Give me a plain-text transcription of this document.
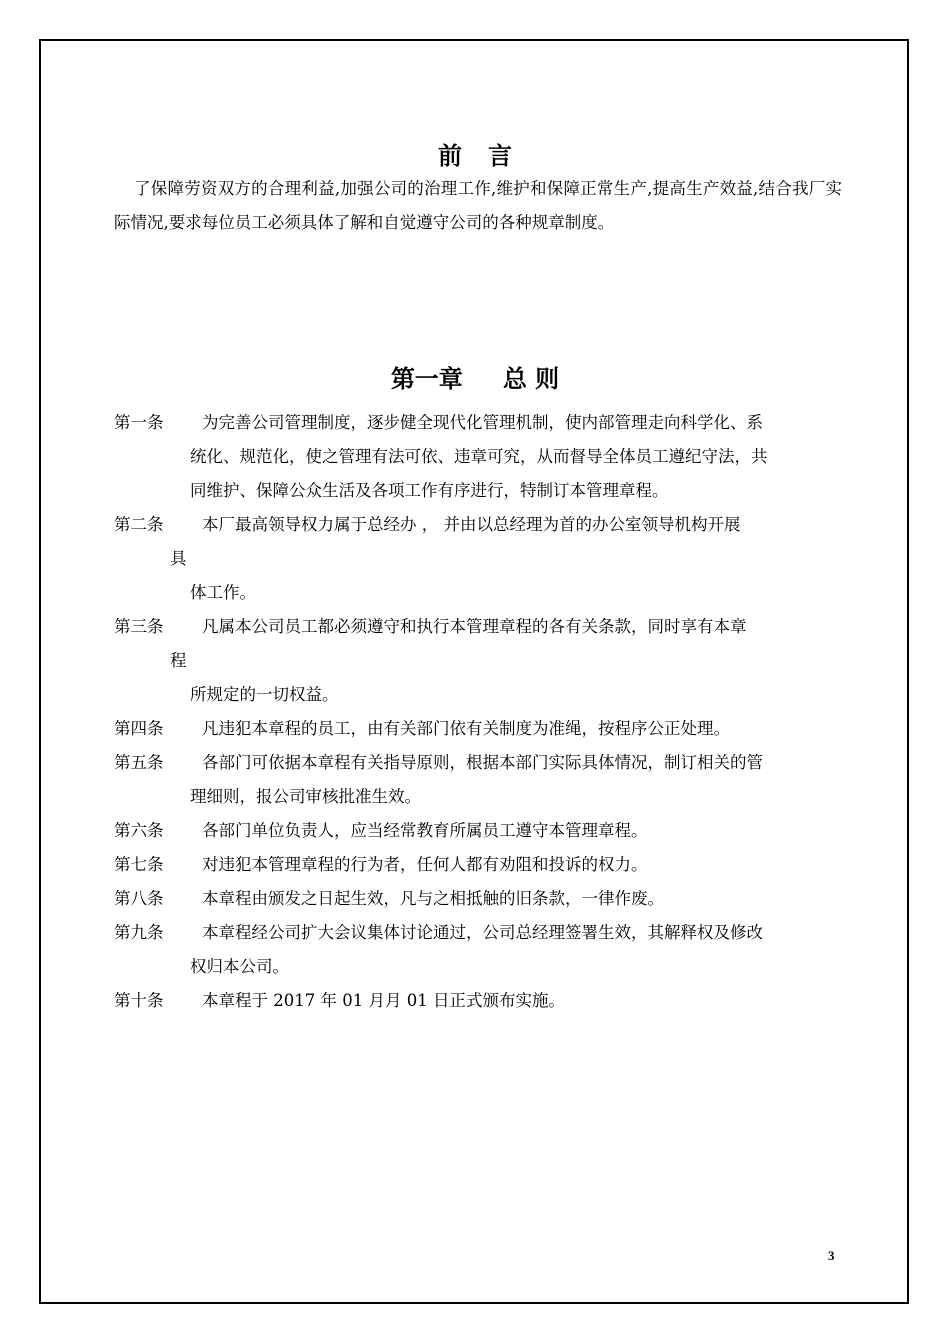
前言
了保障劳资双方的合理利益,加强公司的治理工作,维护和保障正常生产,提高生产效益,结合我厂实际情况,要求每位员工必须具体了解和自觉遵守公司的各种规章制度。
第一章 总 则
第一条	为完善公司管理制度，逐步健全现代化管理机制，使内部管理走向科学化、系
统化、规范化，使之管理有法可依、违章可究，从而督导全体员工遵纪守法，共
同维护、保障公众生活及各项工作有序进行，特制订本管理章程。
第二条	本厂最高领导权力属于总经办 ， 并由以总经理为首的办公室领导机构开展
具
体工作。
第三条	凡属本公司员工都必须遵守和执行本管理章程的各有关条款，同时享有本章
程
所规定的一切权益。
第四条	凡违犯本章程的员工，由有关部门依有关制度为准绳，按程序公正处理。
第五条	各部门可依据本章程有关指导原则，根据本部门实际具体情况，制订相关的管
理细则，报公司审核批准生效。
第六条	各部门单位负责人，应当经常教育所属员工遵守本管理章程。
第七条	对违犯本管理章程的行为者，任何人都有劝阻和投诉的权力。
第八条	本章程由颁发之日起生效，凡与之相抵触的旧条款，一律作废。
第九条	本章程经公司扩大会议集体讨论通过，公司总经理签署生效，其解释权及修改
权归本公司。
第十条	本章程于 2017 年 01 月月 01 日正式颁布实施。
3
